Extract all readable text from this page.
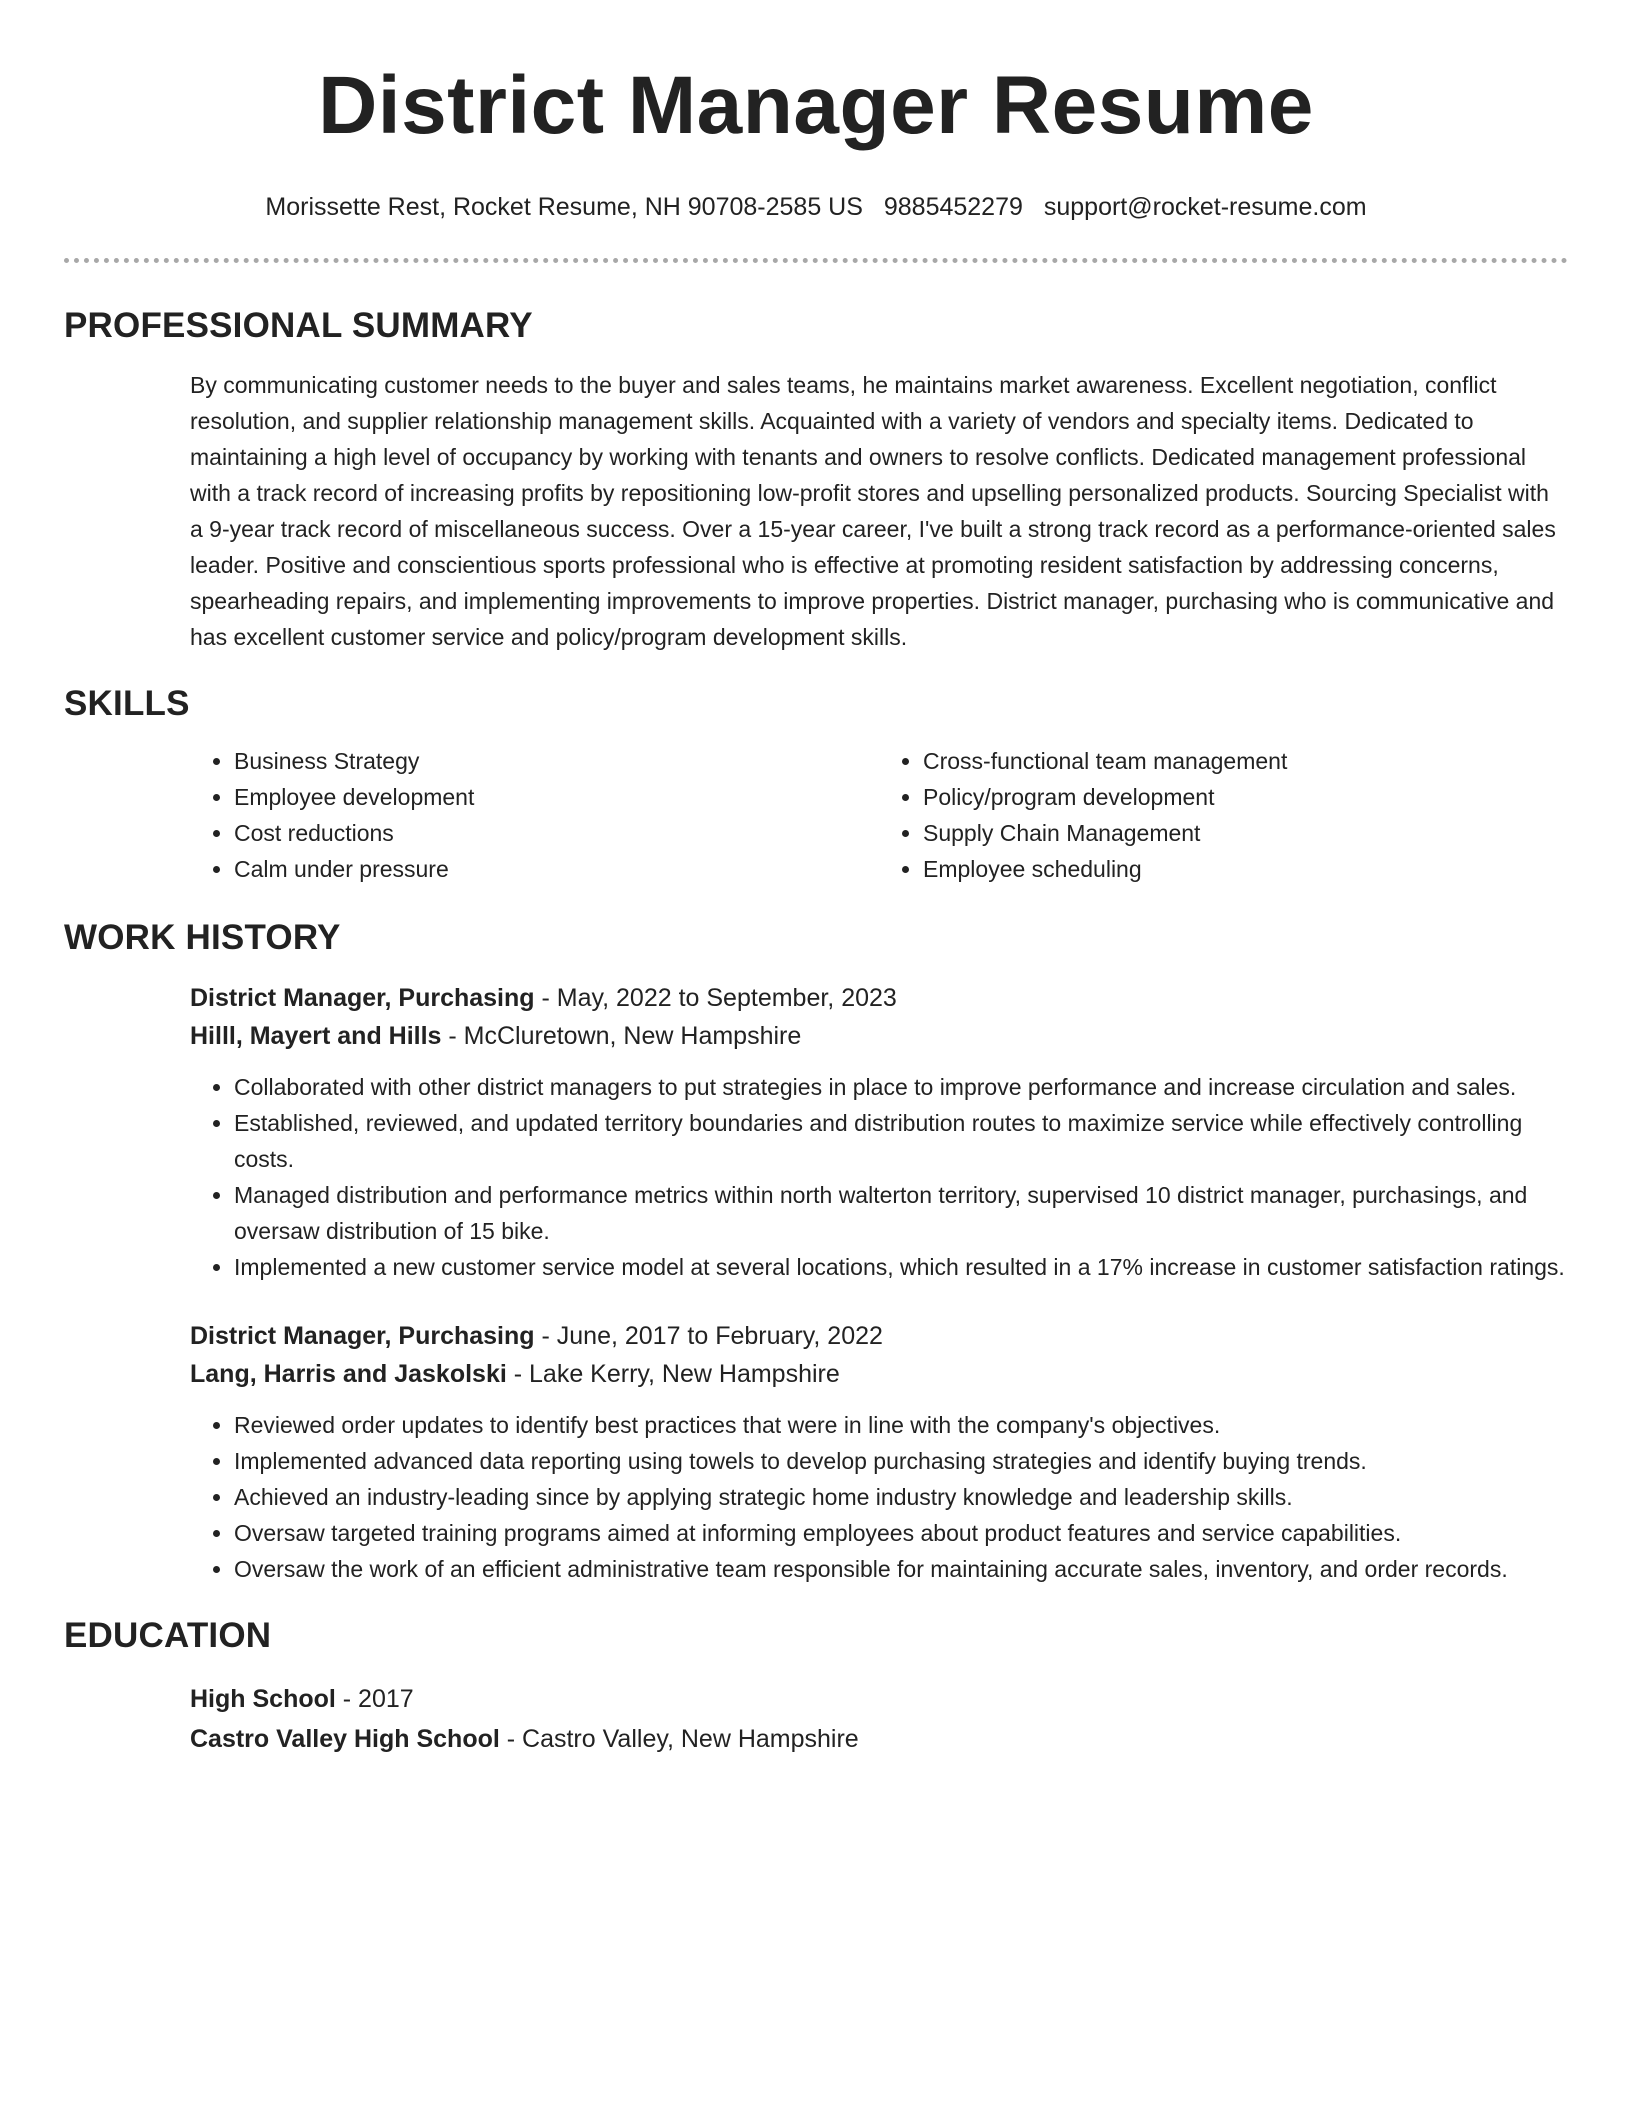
District Manager Resume
Morissette Rest, Rocket Resume, NH 90708-2585 US 9885452279 support@rocket-resume.com
PROFESSIONAL SUMMARY

By communicating customer needs to the buyer and sales teams, he maintains market awareness. Excellent negotiation, conflict resolution, and supplier relationship management skills. Acquainted with a variety of vendors and specialty items. Dedicated to maintaining a high level of occupancy by working with tenants and owners to resolve conflicts. Dedicated management professional with a track record of increasing profits by repositioning low-profit stores and upselling personalized products. Sourcing Specialist with a 9-year track record of miscellaneous success. Over a 15-year career, I've built a strong track record as a performance-oriented sales leader. Positive and conscientious sports professional who is effective at promoting resident satisfaction by addressing concerns, spearheading repairs, and implementing improvements to improve properties. District manager, purchasing who is communicative and has excellent customer service and policy/program development skills.

SKILLS
• Business Strategy
• Employee development
• Cost reductions
• Calm under pressure
• Cross-functional team management
• Policy/program development
• Supply Chain Management
• Employee scheduling
WORK HISTORY
District Manager, Purchasing - May, 2022 to September, 2023
Hilll, Mayert and Hills - McCluretown, New Hampshire
• Collaborated with other district managers to put strategies in place to improve performance and increase circulation and sales.
• Established, reviewed, and updated territory boundaries and distribution routes to maximize service while effectively controlling costs.
• Managed distribution and performance metrics within north walterton territory, supervised 10 district manager, purchasings, and oversaw distribution of 15 bike.
• Implemented a new customer service model at several locations, which resulted in a 17% increase in customer satisfaction ratings.
District Manager, Purchasing - June, 2017 to February, 2022
Lang, Harris and Jaskolski - Lake Kerry, New Hampshire
• Reviewed order updates to identify best practices that were in line with the company's objectives.
• Implemented advanced data reporting using towels to develop purchasing strategies and identify buying trends.
• Achieved an industry-leading since by applying strategic home industry knowledge and leadership skills.
• Oversaw targeted training programs aimed at informing employees about product features and service capabilities.
• Oversaw the work of an efficient administrative team responsible for maintaining accurate sales, inventory, and order records.
EDUCATION
High School - 2017
Castro Valley High School - Castro Valley, New Hampshire
